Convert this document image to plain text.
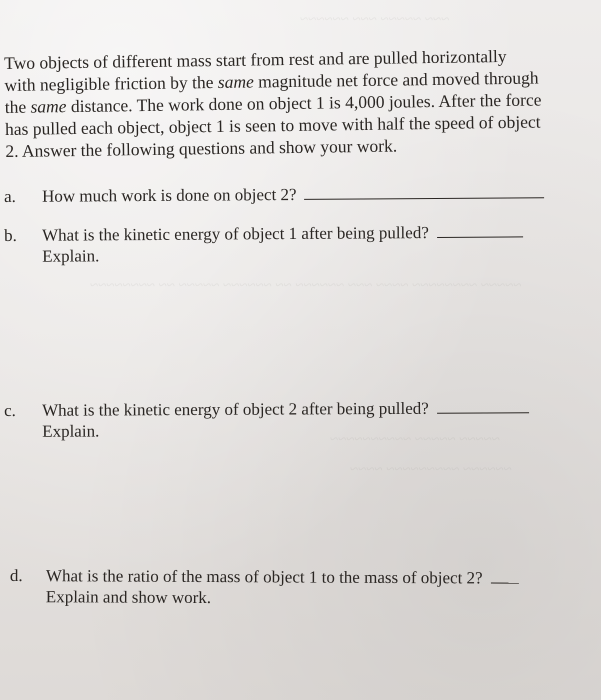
~~~ ~~~~~ ~~~ ~~~~~~
~~~~~ ~~~~~~~~ ~~~~ ~~~ ~~~~~~ ~~ ~~~~~~ ~~~~~ ~~ ~~~~~~~~
~~~~~ ~~~~~ ~~~~~~~~~~
~~~~~~ ~~~~~~~~~ ~~~~
Two objects of different mass start from rest and are pulled horizontally
with negligible friction by the same magnitude net force and moved through
the same distance. The work done on object 1 is 4,000 joules. After the force
has pulled each object, object 1 is seen to move with half the speed of object
2. Answer the following questions and show your work.
a. How much work is done on object 2?
b. What is the kinetic energy of object 1 after being pulled?
Explain.
c. What is the kinetic energy of object 2 after being pulled?
Explain.
d. What is the ratio of the mass of object 1 to the mass of object 2?
Explain and show work.
